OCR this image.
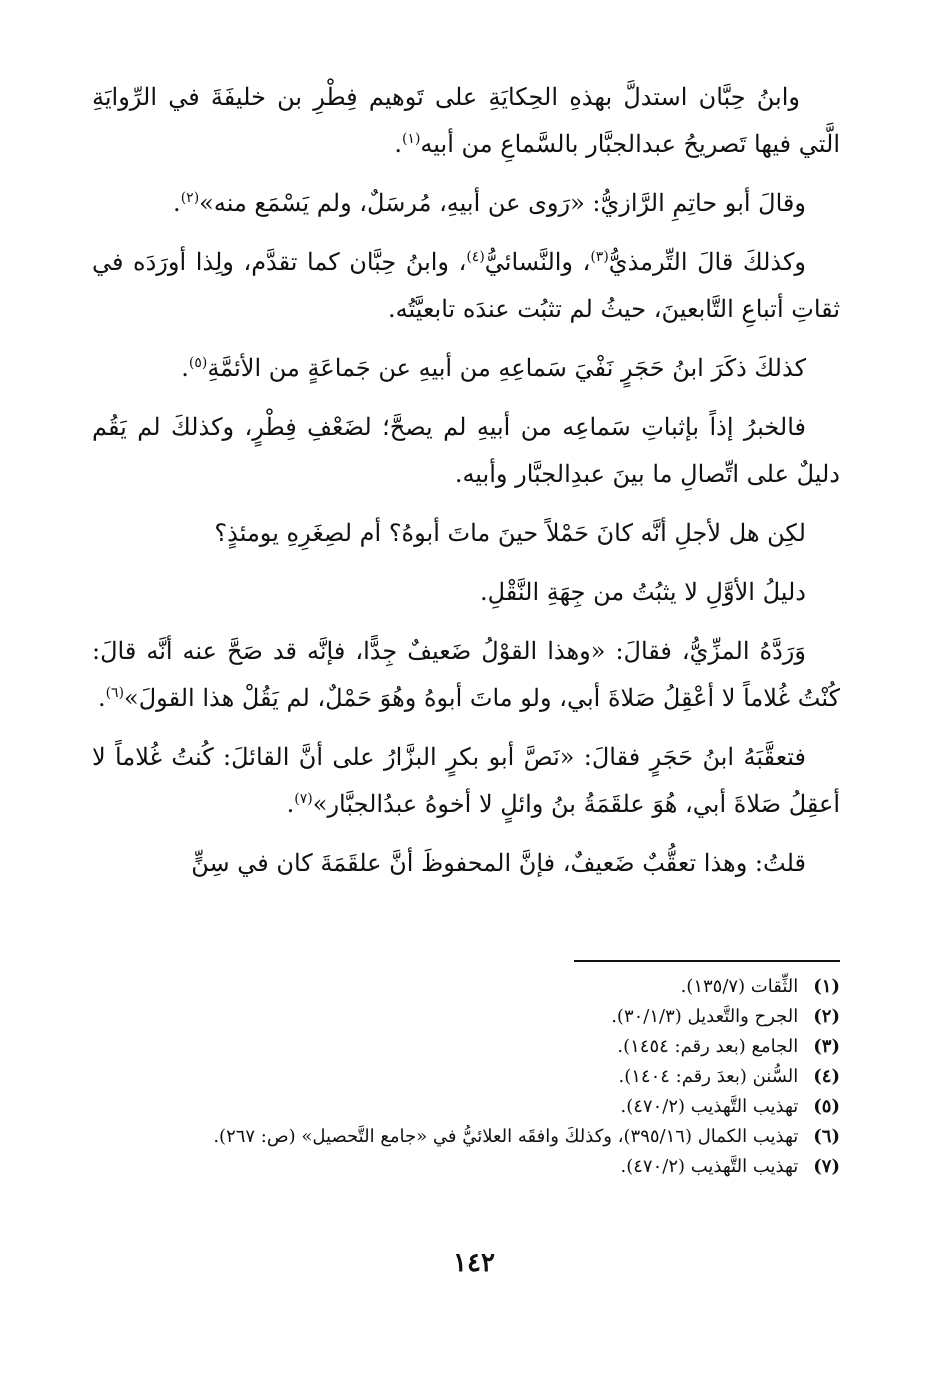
وابنُ حِبَّان استدلَّ بهذهِ الحِكايَةِ على تَوهيم فِطْرِ بن خليفَةَ في الرِّوايَةِ الَّتي فيها تَصريحُ عبدالجبَّار بالسَّماعِ من أبيه$^{(١)}$.

وقالَ أبو حاتِمِ الرَّازيُّ: «رَوى عن أبيهِ، مُرسَلٌ، ولم يَسْمَع منه»$^{(٢)}$.

وكذلكَ قالَ التِّرمذيُّ$^{(٣)}$، والنَّسائيُّ$^{(٤)}$، وابنُ حِبَّان كما تقدَّم، ولِذا أورَدَه في ثقاتِ أتباعِ التَّابعينَ، حيثُ لم تثبُت عندَه تابعيَّتُه.

كذلكَ ذكَرَ ابنُ حَجَرٍ نَفْيَ سَماعِهِ من أبيهِ عن جَماعَةٍ من الأئمَّةِ$^{(٥)}$.

فالخبرُ إذاً بإثباتِ سَماعِه من أبيهِ لم يصحَّ؛ لضَعْفِ فِطْرٍ، وكذلكَ لم يَقُم دليلٌ على اتِّصالِ ما بينَ عبدِالجبَّار وأبيه.

لكِن هل لأجلِ أنَّه كانَ حَمْلاً حينَ ماتَ أبوهُ؟ أم لصِغَرِهِ يومئذٍ؟

دليلُ الأوَّلِ لا يثبُتُ من جِهَةِ النَّقْلِ.

وَرَدَّهُ المزِّيُّ، فقالَ: «وهذا القوْلُ ضَعيفٌ جِدًّا، فإنَّه قد صَحَّ عنه أنَّه قالَ: كُنْتُ غُلاماً لا أعْقِلُ صَلاةَ أبي، ولو ماتَ أبوهُ وهُوَ حَمْلٌ، لم يَقُلْ هذا القولَ»$^{(٦)}$.

فتعقَّبَهُ ابنُ حَجَرٍ فقالَ: «نَصَّ أبو بكرٍ البزَّارُ على أنَّ القائلَ: كُنتُ غُلاماً لا أعقِلُ صَلاةَ أبي، هُوَ علقَمَةُ بنُ وائلٍ لا أخوهُ عبدُالجبَّار»$^{(٧)}$.

قلتُ: وهذا تعقُّبٌ ضَعيفٌ، فإنَّ المحفوظَ أنَّ علقَمَةَ كان في سِنٍّ

(١) الثِّقات (١٣٥/٧).
(٢) الجرح والتَّعديل (٣٠/١/٣).
(٣) الجامع (بعد رقم: ١٤٥٤).
(٤) السُّنن (بعدَ رقم: ١٤٠٤).
(٥) تهذيب التَّهذيب (٤٧٠/٢).
(٦) تهذيب الكمال (٣٩٥/١٦)، وكذلكَ وافقَه العلائيُّ في «جامع التَّحصيل» (ص: ٢٦٧).
(٧) تهذيب التَّهذيب (٤٧٠/٢).
١٤٢
